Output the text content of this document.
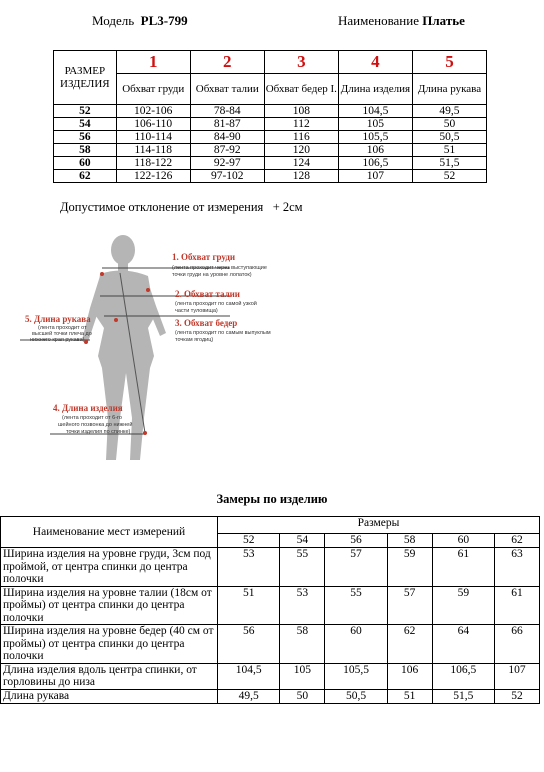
Модель PL3-799	Наименование Платье
РАЗМЕР ИЗДЕЛИЯ	1	2	3	4	5
	Обхват груди	Обхват талии	Обхват бедер I.	Длина изделия	Длина рукава
52	102-106	78-84	108	104,5	49,5
54	106-110	81-87	112	105	50
56	110-114	84-90	116	105,5	50,5
58	114-118	87-92	120	106	51
60	118-122	92-97	124	106,5	51,5
62	122-126	97-102	128	107	52
Допустимое отклонение от измерения + 2см
1. Обхват груди
(лента проходит через выступающие
точки груди на уровне лопаток)
2. Обхват талии
(лента проходит по самой узкой
части туловища)
3. Обхват бедер
(лента проходит по самым выпуклым
точкам ягодиц)
5. Длина рукава
(лента проходит от
высшей точки плеча до
нижнего края рукава)
4. Длина изделия
(лента проходит от 6-го
шейного позвонка до нижней
точки изделия по спинке)
Замеры по изделию
Наименование мест измерений	Размеры					
	52	54	56	58	60	62
Ширина изделия на уровне груди, 3см под проймой, от центра спинки до центра полочки	53	55	57	59	61	63
Ширина изделия на уровне талии (18см от проймы) от центра спинки до центра полочки	51	53	55	57	59	61
Ширина изделия на уровне бедер (40 см от проймы) от центра спинки до центра полочки	56	58	60	62	64	66
Длина изделия вдоль центра спинки, от горловины до низа	104,5	105	105,5	106	106,5	107
Длина рукава	49,5	50	50,5	51	51,5	52
